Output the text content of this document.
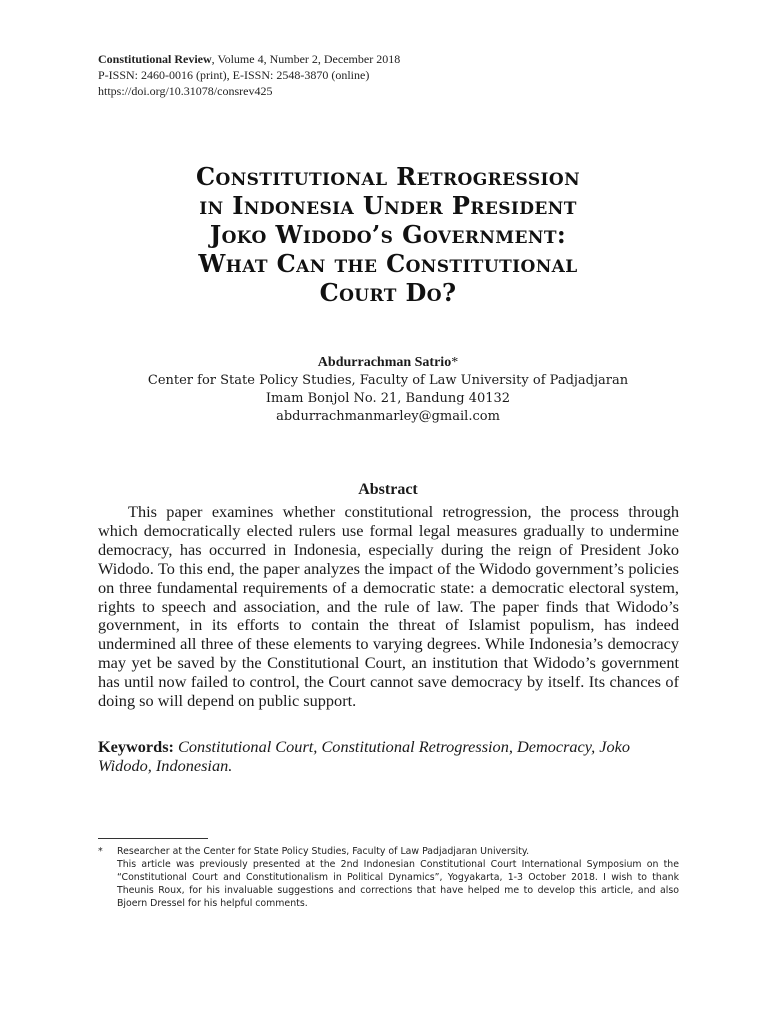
Constitutional Review, Volume 4, Number 2, December 2018
P-ISSN: 2460-0016 (print), E-ISSN: 2548-3870 (online)
https://doi.org/10.31078/consrev425
Constitutional Retrogression
in Indonesia Under President
Joko Widodo’s Government:
What Can the Constitutional
Court Do?
Abdurrachman Satrio*
Center for State Policy Studies, Faculty of Law University of Padjadjaran
Imam Bonjol No. 21, Bandung 40132
abdurrachmanmarley@gmail.com
Abstract

This paper examines whether constitutional retrogression, the process through which democratically elected rulers use formal legal measures gradually to undermine democracy, has occurred in Indonesia, especially during the reign of President Joko Widodo. To this end, the paper analyzes the impact of the Widodo government’s policies on three fundamental requirements of a democratic state: a democratic electoral system, rights to speech and association, and the rule of law. The paper finds that Widodo’s government, in its efforts to contain the threat of Islamist populism, has indeed undermined all three of these elements to varying degrees. While Indonesia’s democracy may yet be saved by the Constitutional Court, an institution that Widodo’s government has until now failed to control, the Court cannot save democracy by itself. Its chances of doing so will depend on public support.

Keywords: Constitutional Court, Constitutional Retrogression, Democracy, Joko Widodo, Indonesian.

* Researcher at the Center for State Policy Studies, Faculty of Law Padjadjaran University.

This article was previously presented at the 2nd Indonesian Constitutional Court International Symposium on the “Constitutional Court and Constitutionalism in Political Dynamics”, Yogyakarta, 1-3 October 2018. I wish to thank Theunis Roux, for his invaluable suggestions and corrections that have helped me to develop this article, and also Bjoern Dressel for his helpful comments.
